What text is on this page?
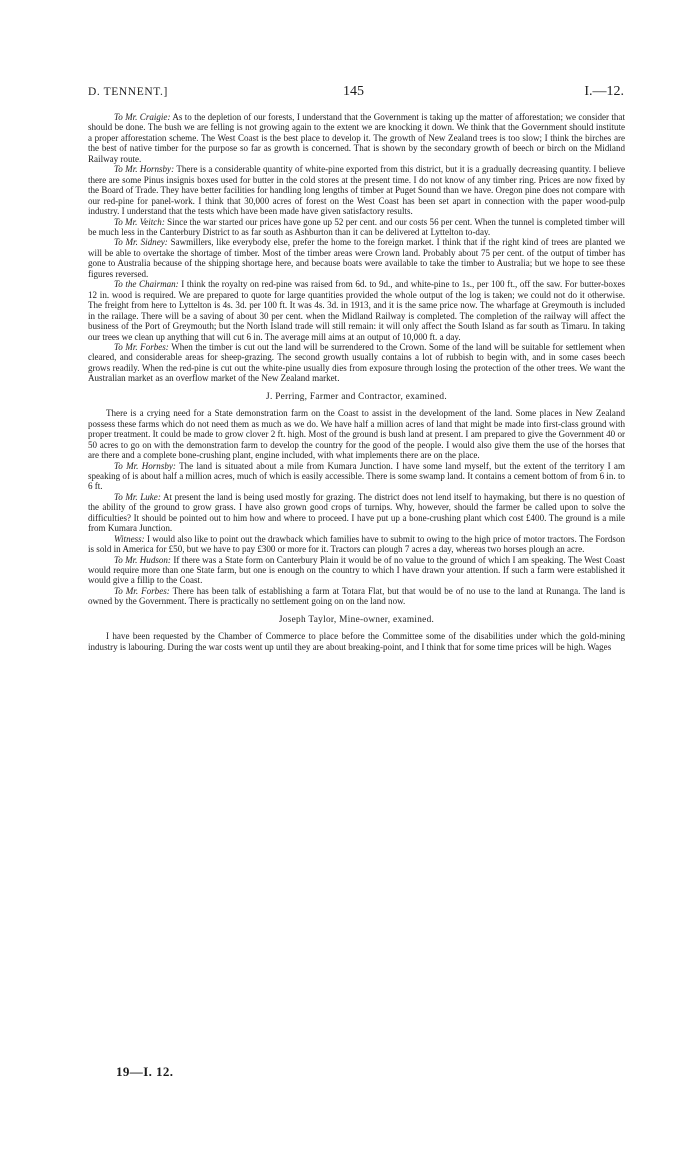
D. TENNENT.]	145	I.—12.

To Mr. Craigie: As to the depletion of our forests, I understand that the Government is taking up the matter of afforestation; we consider that should be done. The bush we are felling is not growing again to the extent we are knocking it down. We think that the Government should institute a proper afforestation scheme. The West Coast is the best place to develop it. The growth of New Zealand trees is too slow; I think the birches are the best of native timber for the purpose so far as growth is concerned. That is shown by the secondary growth of beech or birch on the Midland Railway route.

To Mr. Hornsby: There is a considerable quantity of white-pine exported from this district, but it is a gradually decreasing quantity. I believe there are some Pinus insignis boxes used for butter in the cold stores at the present time. I do not know of any timber ring. Prices are now fixed by the Board of Trade. They have better facilities for handling long lengths of timber at Puget Sound than we have. Oregon pine does not compare with our red-pine for panel-work. I think that 30,000 acres of forest on the West Coast has been set apart in connection with the paper wood-pulp industry. I understand that the tests which have been made have given satisfactory results.

To Mr. Veitch: Since the war started our prices have gone up 52 per cent. and our costs 56 per cent. When the tunnel is completed timber will be much less in the Canterbury District to as far south as Ashburton than it can be delivered at Lyttelton to-day.

To Mr. Sidney: Sawmillers, like everybody else, prefer the home to the foreign market. I think that if the right kind of trees are planted we will be able to overtake the shortage of timber. Most of the timber areas were Crown land. Probably about 75 per cent. of the output of timber has gone to Australia because of the shipping shortage here, and because boats were available to take the timber to Australia; but we hope to see these figures reversed.

To the Chairman: I think the royalty on red-pine was raised from 6d. to 9d., and white-pine to 1s., per 100 ft., off the saw. For butter-boxes 12 in. wood is required. We are prepared to quote for large quantities provided the whole output of the log is taken; we could not do it otherwise. The freight from here to Lyttelton is 4s. 3d. per 100 ft. It was 4s. 3d. in 1913, and it is the same price now. The wharfage at Greymouth is included in the railage. There will be a saving of about 30 per cent. when the Midland Railway is completed. The completion of the railway will affect the business of the Port of Greymouth; but the North Island trade will still remain: it will only affect the South Island as far south as Timaru. In taking our trees we clean up anything that will cut 6 in. The average mill aims at an output of 10,000 ft. a day.

To Mr. Forbes: When the timber is cut out the land will be surrendered to the Crown. Some of the land will be suitable for settlement when cleared, and considerable areas for sheep-grazing. The second growth usually contains a lot of rubbish to begin with, and in some cases beech grows readily. When the red-pine is cut out the white-pine usually dies from exposure through losing the protection of the other trees. We want the Australian market as an overflow market of the New Zealand market.

J. Perring, Farmer and Contractor, examined.

There is a crying need for a State demonstration farm on the Coast to assist in the development of the land. Some places in New Zealand possess these farms which do not need them as much as we do. We have half a million acres of land that might be made into first-class ground with proper treatment. It could be made to grow clover 2 ft. high. Most of the ground is bush land at present. I am prepared to give the Government 40 or 50 acres to go on with the demonstration farm to develop the country for the good of the people. I would also give them the use of the horses that are there and a complete bone-crushing plant, engine included, with what implements there are on the place.

To Mr. Hornsby: The land is situated about a mile from Kumara Junction. I have some land myself, but the extent of the territory I am speaking of is about half a million acres, much of which is easily accessible. There is some swamp land. It contains a cement bottom of from 6 in. to 6 ft.

To Mr. Luke: At present the land is being used mostly for grazing. The district does not lend itself to haymaking, but there is no question of the ability of the ground to grow grass. I have also grown good crops of turnips. Why, however, should the farmer be called upon to solve the difficulties? It should be pointed out to him how and where to proceed. I have put up a bone-crushing plant which cost £400. The ground is a mile from Kumara Junction.

Witness: I would also like to point out the drawback which families have to submit to owing to the high price of motor tractors. The Fordson is sold in America for £50, but we have to pay £300 or more for it. Tractors can plough 7 acres a day, whereas two horses plough an acre.

To Mr. Hudson: If there was a State form on Canterbury Plain it would be of no value to the ground of which I am speaking. The West Coast would require more than one State farm, but one is enough on the country to which I have drawn your attention. If such a farm were established it would give a fillip to the Coast.

To Mr. Forbes: There has been talk of establishing a farm at Totara Flat, but that would be of no use to the land at Runanga. The land is owned by the Government. There is practically no settlement going on on the land now.

Joseph Taylor, Mine-owner, examined.

I have been requested by the Chamber of Commerce to place before the Committee some of the disabilities under which the gold-mining industry is labouring. During the war costs went up until they are about breaking-point, and I think that for some time prices will be high. Wages

19—I. 12.
